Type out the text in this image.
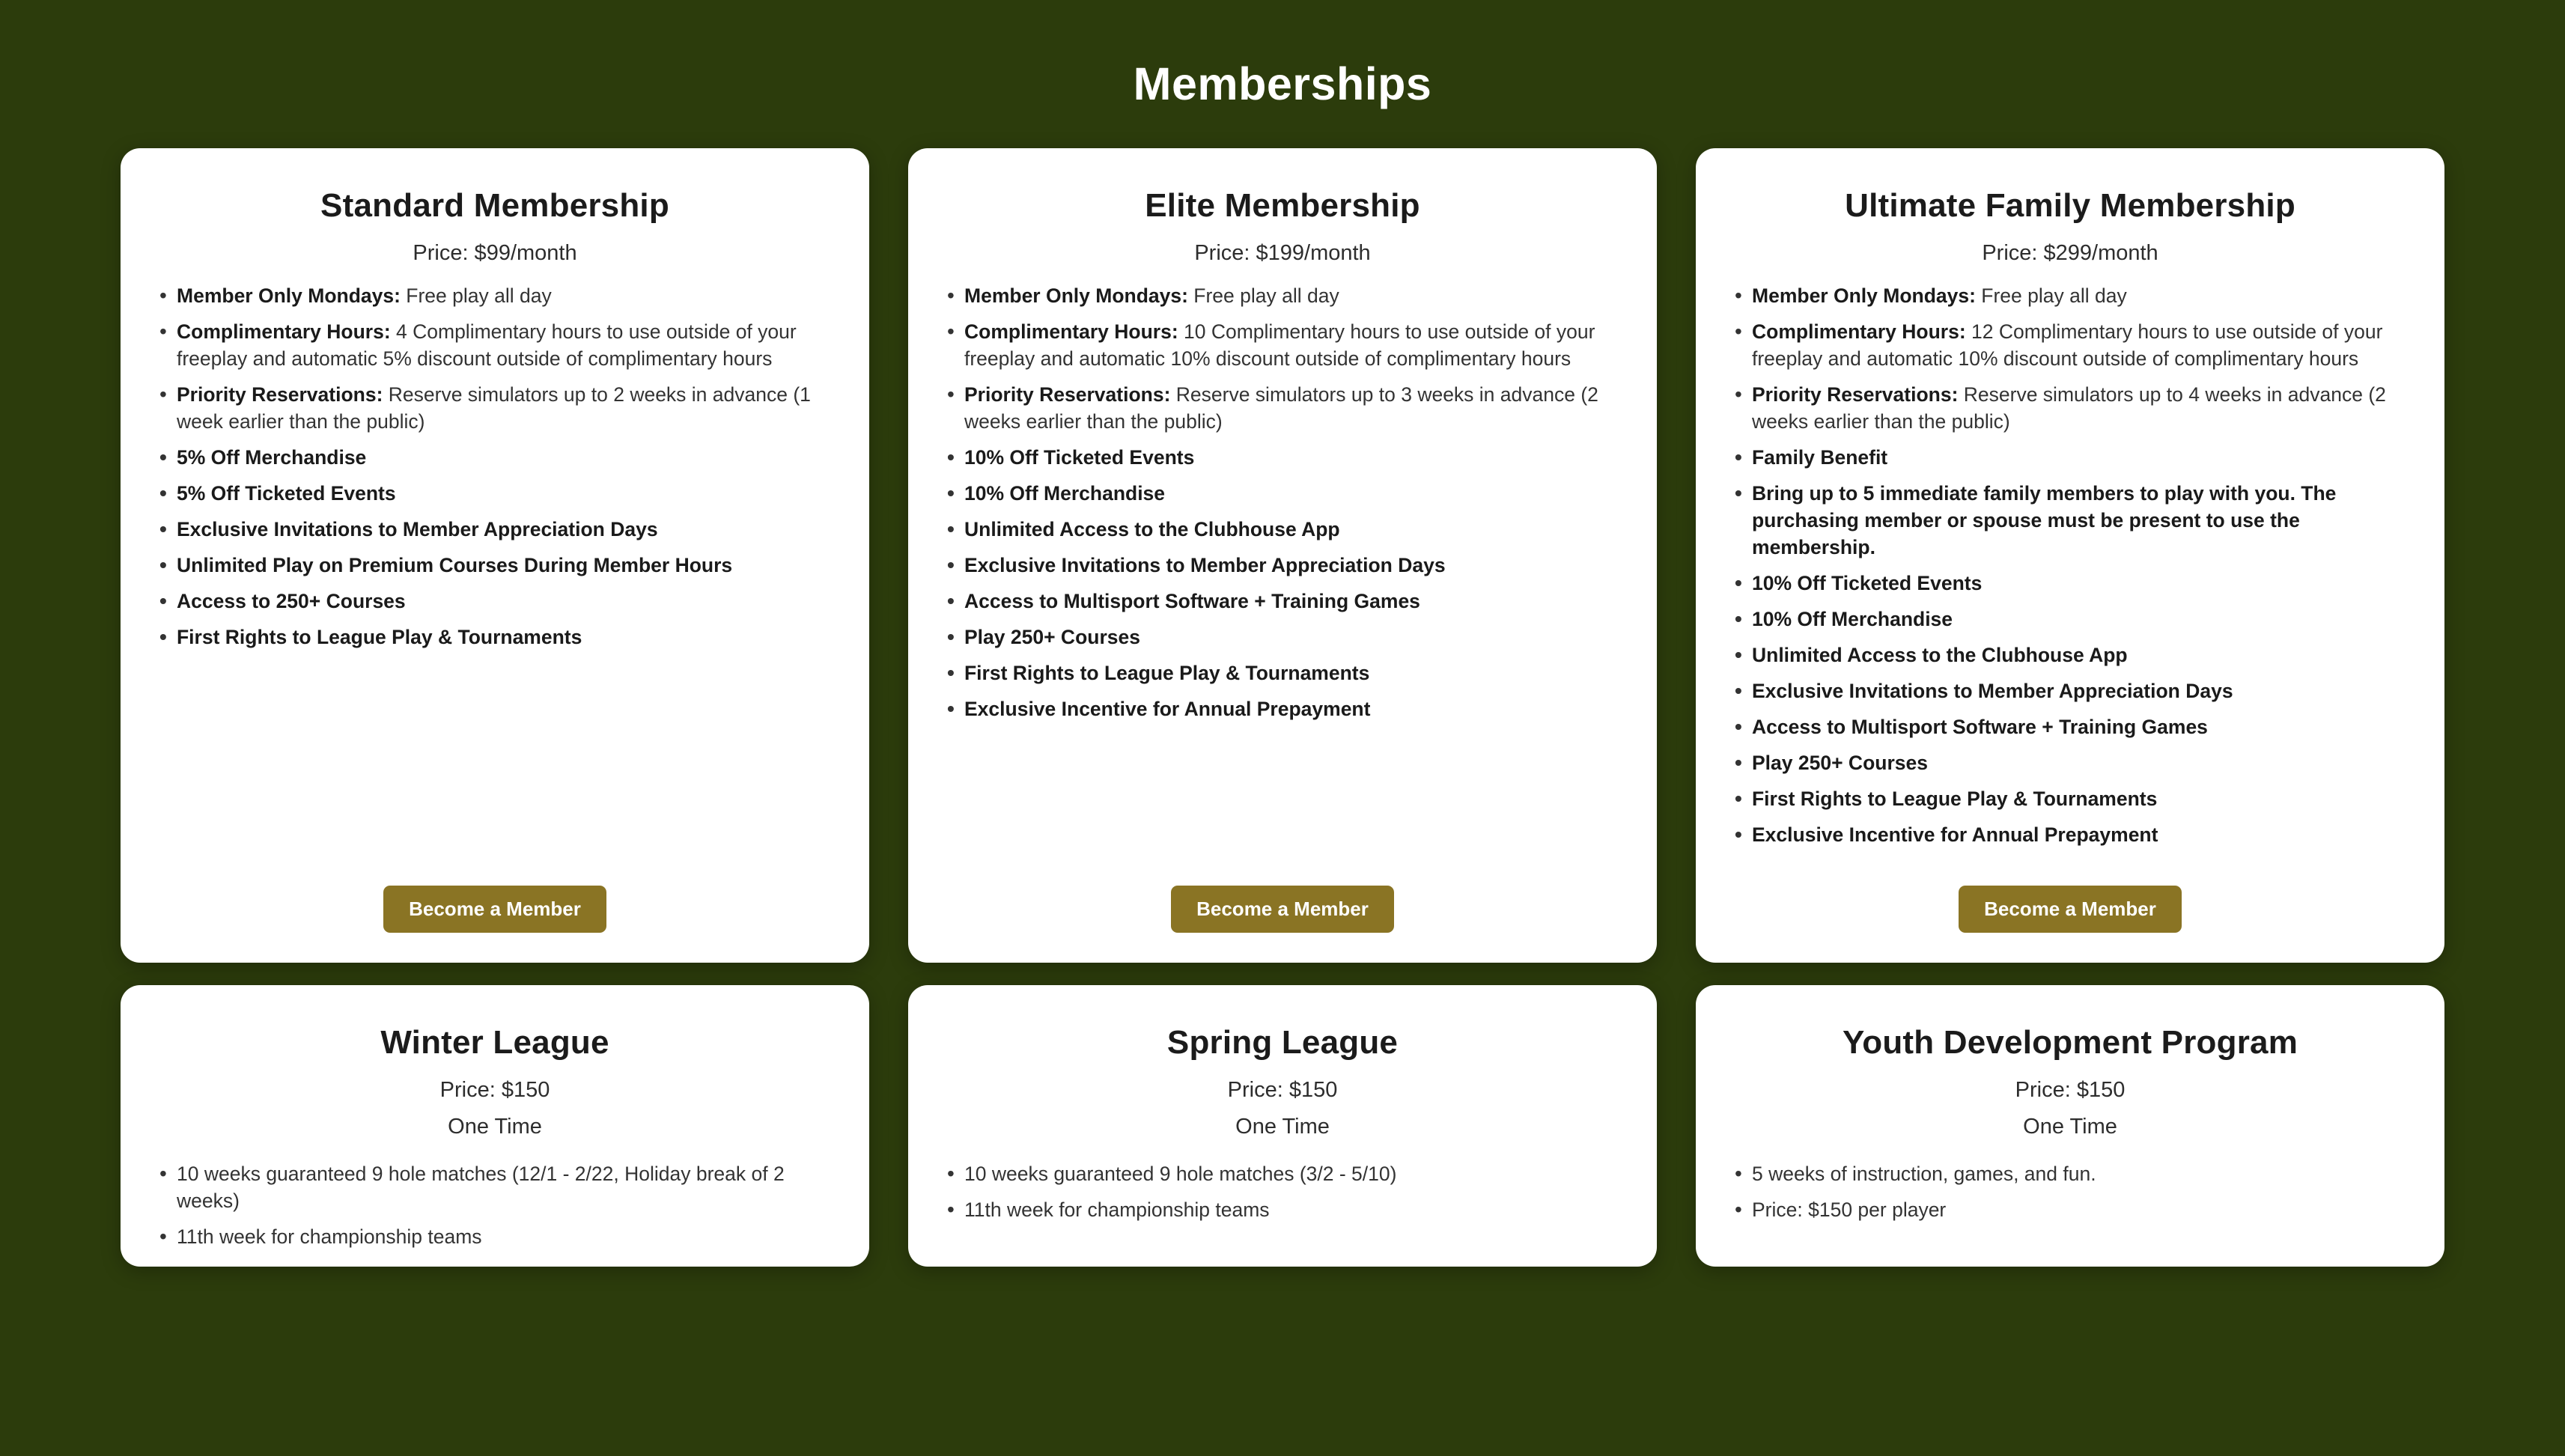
Memberships
Standard Membership
Price: $99/month
• Member Only Mondays: Free play all day
• Complimentary Hours: 4 Complimentary hours to use outside of your freeplay and automatic 5% discount outside of complimentary hours
• Priority Reservations: Reserve simulators up to 2 weeks in advance (1 week earlier than the public)
• 5% Off Merchandise
• 5% Off Ticketed Events
• Exclusive Invitations to Member Appreciation Days
• Unlimited Play on Premium Courses During Member Hours
• Access to 250+ Courses
• First Rights to League Play & Tournaments
Become a Member
Elite Membership
Price: $199/month
• Member Only Mondays: Free play all day
• Complimentary Hours: 10 Complimentary hours to use outside of your freeplay and automatic 10% discount outside of complimentary hours
• Priority Reservations: Reserve simulators up to 3 weeks in advance (2 weeks earlier than the public)
• 10% Off Ticketed Events
• 10% Off Merchandise
• Unlimited Access to the Clubhouse App
• Exclusive Invitations to Member Appreciation Days
• Access to Multisport Software + Training Games
• Play 250+ Courses
• First Rights to League Play & Tournaments
• Exclusive Incentive for Annual Prepayment
Become a Member
Ultimate Family Membership
Price: $299/month
• Member Only Mondays: Free play all day
• Complimentary Hours: 12 Complimentary hours to use outside of your freeplay and automatic 10% discount outside of complimentary hours
• Priority Reservations: Reserve simulators up to 4 weeks in advance (2 weeks earlier than the public)
• Family Benefit
• Bring up to 5 immediate family members to play with you. The purchasing member or spouse must be present to use the membership.
• 10% Off Ticketed Events
• 10% Off Merchandise
• Unlimited Access to the Clubhouse App
• Exclusive Invitations to Member Appreciation Days
• Access to Multisport Software + Training Games
• Play 250+ Courses
• First Rights to League Play & Tournaments
• Exclusive Incentive for Annual Prepayment
Become a Member
Winter League
Price: $150
One Time
• 10 weeks guaranteed 9 hole matches (12/1 - 2/22, Holiday break of 2 weeks)
• 11th week for championship teams
Spring League
Price: $150
One Time
• 10 weeks guaranteed 9 hole matches (3/2 - 5/10)
• 11th week for championship teams
Youth Development Program
Price: $150
One Time
• 5 weeks of instruction, games, and fun.
• Price: $150 per player
